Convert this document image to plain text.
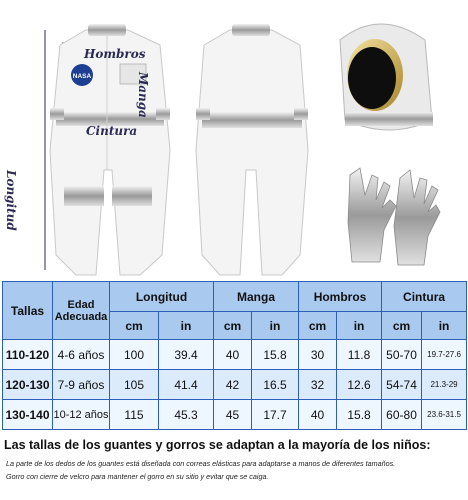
NASA
Hombros
Cintura
Manga
Longitud
Tallas	Edad Adecuada	Longitud		Manga		Hombros		Cintura	
		cm	in	cm	in	cm	in	cm	in
110-120	4-6 años	100	39.4	40	15.8	30	11.8	50-70	19.7-27.6
120-130	7-9 años	105	41.4	42	16.5	32	12.6	54-74	21.3-29
130-140	10-12 años	115	45.3	45	17.7	40	15.8	60-80	23.6-31.5
Las tallas de los guantes y gorros se adaptan a la mayoría de los niños:
La parte de los dedos de los guantes está diseñada con correas elásticas para adaptarse a manos de diferentes tamaños.
Gorro con cierre de velcro para mantener el gorro en su sitio y evitar que se caiga.
